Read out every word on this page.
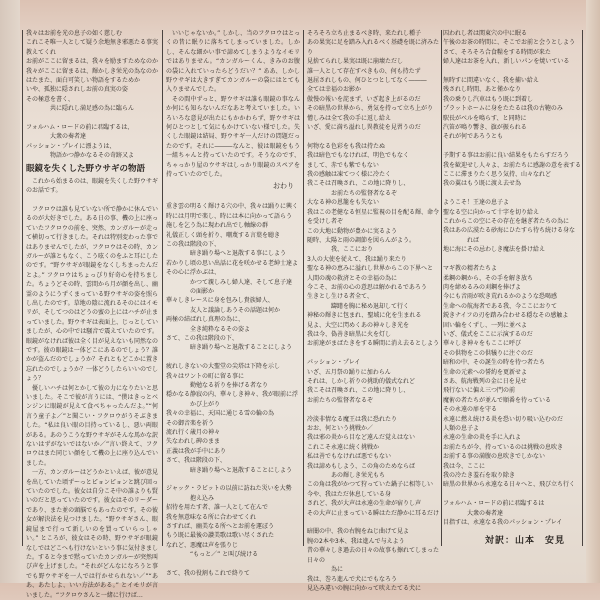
我々はお前を光の息子の如く慈しむ
これこそ唯一人として疑う余地無き邪悪たる事実
教えてくれ
お前がここに留まるは、我々を励ますためなのか
我々がここに留まるは、輝かしき栄光の為なのか
はたまた、面白可笑しい物語をするためか
いや、孤独に隠されしお前の真実の姿
その極意を書く、
　　　　共に隠れし満足感の為に臨らん
フォルハム・ロードの前に君臨するは、
　　　　大衆の奏者達
パッション・プレイに漂ようは、
　　　　物語かつ静かなるその奇跡又よ
眼鏡を失くした野ウサギの物語
これから始まるのは、眼鏡を失くした野ウサギのお話です。
フクロウは誰も見ていない所で静かに休んでいるのが大好きでした。ある日の事、機の上に座っていたフクロウの前を、突然、カンガルーが走って横切って行きました。それは特別変わった事ではありませんでしたが、フクロウはその時、カンガルーが誰ともなく、こう呟くのをふと耳にしたのです。“野ウサギが眼鏡をなくしちまったんだとよ。” フクロウはちょっぴり好奇心を持ちました。ちょうどその時、雲間から月が顔を出し、幽霊のようにうずくまっている野ウサギの姿を照らし出したのです。草地の陰に流れるそのにはイモリが、そしてつのはどうの蜜の上にはハチが止まっていました。野ウサギは表面上、じっとしていましたが、心の中では騒音で震えていたのです。眼鏡がなければ彼は全く目が見えないも同然なのです。彼の眼鏡は一体どこにあるのでしょう？誰かが盗んだのでしょうか？それともどこかに置き忘れたのでしょうか？一体どうしたらいいのでしょう？
優しいハチは何とかして彼の力になりたいと思いました。そこで彼が言うには、“僕はきっとベンジンに眼鏡が見えて食べちゃったんだよ。”“何言う童子よ／”と聞こい・フクロウがうそぶきました。“私は良い眼の目持っているし、悪い両眼がある。あのうこうな野ウサギがそんな馬かな訳ないはずがないではないか／”言い終えて、フクロウはまた同じい顔をして機の上に座り込んでいました。
一方、カンガルーはどうかといえば、彼が意見を出していた頃ずーっとピョンピョンと跳び回っていたのでした。彼女は自分こそ中の誰よりも賢いのだと思っていたのです。彼女はそのリーダーであり、また並の頭脳でもあったのです。その彼女が解決法を見つけました。“野ウサギさん、眼鏡屋まで行って新しいのを買っていらっしゃい。” ところが、彼女はその時、野ウサギが眼鏡なしではどこへも行けないという事に気付きました。すると今まで黙っていたカンガルーが突然叫び声を上げました。“それがどんなになろうと事でも野ウサギを一人では行かせられない／”“ああ、あたしよ、いい方法がある。” とイモリが言いました。“フクロウさんと一緒に行けば…
いいじゃないか。” しかし、当のフクロウはとっくの昔に眠りに落ちてしまっていました。しかし、そんな細かい事で諦めてしまうようなイモリではありません。“カンガルーくん、きみのお腹の袋に入れていったらどうだい？” ああ、しかし野ウサギは大きすぎてカンガルーの袋にはとても入りませんでした。
その間中ずっと、野ウサギは誰も眼鏡の事なんか何にも知らないんだなあと考えていました。いろいろな意見が出たにもかかわらず、野ウサギは何ひとつとして気にもかけていない様でした。失くした眼鏡は結局、野ウサギ一人だけの問題だったのです。それに―――なんと、彼は眼鏡をもう一組ちゃんと持っていたのです。そうなのです、ちゃっかり屋のウサギはしっかり眼鏡のスペアを持っていたのでした。
おわり
重き雲の明るく輝ける穴の中、我々は踊りに興く
時には月明で楽し、時には本に向かって語らう
施しを乞う為に現われ出でし軸線の群
礼儀正しく頭を折り、嘲蔑する言葉を聴き
この我は階段の下、
　　　　暗き踊り場へと退散する事にしよう
若かりし頃の思い出話に花を咲かせる老紳士達よ
その心に浮かぶは、
　　　　かつて親しみし婦人達、そして息子達
　　　　の面影か
華々しきレースに身を包みし貴族婦人、
　　　　友人と議論しあうその話題は何か
両極の結ばれし真理の為に、
　　　　全き純粋なるその姿よ
さて、この我は階段の下、
　　　　暗き踊り場へと退散することにしよう
疲れしきないの大聖堂の尖塔は下降を示し
我々はワントの町に留る事に
　　　　勤勉なる祈りを捧げる者なり
穏かなる静寂の内、華々しき神々、我が眼前に浮
　　　　かび上がり
我々の幸福に、天国に通じる雪の輪の為
その御音楽を祈う
流れ行く歳月の神々
失なわれし碑のまま
正義は我が手中にあり
さて、我は階段の下、
　　　　暗き踊り場へと退散することにしよう
ジャック・ラビットの以前に訪ねた災いを大勢
　　　　抱え込み
招待を用たす者、誰一人として在んで
我を無意味なる所に合わせてくれ
さすれば、幽美なる所へとお前を運ぼう
もう既に最後の讃美歌は歌い尽くされた
なれど、悪魔は声を張りじ
　　　　“もっと／” と叫び続ける
さて、我の役割もこれで終りて
そろそろ立ち止まるべき時、来たれし種子
あの果実に足を踏み入れるべく基礎を既に済みたり
見捨てられし果実は既に崩壊ただし
誰一人として存在すべきもの、何も持たず
退屈されしもの、何ひとつとしてなく―――
全ては幸福のお影か
傲慢の報いを詫まず、いざ起き上がるのだ
その暗黒の世界から、勇気を持って立ち上がり
憎しみは全て我の手に返し給え
いざ、愛に満ち溢れし異教徒を見習うのだ
何物なる色彩をも我は持たぬ
我は暗色でもなければ、明色でもなく
まして、赤でも紫でもない
我の感触は凍てつく様に冷たく
我こそは召喚され、この地に降りし、
　　　　お前たちの監督者なるぞ
大なる神の恩籠をも失ない
我はこの老健なる恒星に監視の目を配る輝、命令
を受けし者ぞ
この大地に動物が豊かに実るよう
随時、太陽と雨の調節を図らんがよう。
　　　　我、ここにおり
3人の大使を従えて、我は踊り来たり
聖なる神の恵みに溢れし世界からこの下界へと
人間の魂の救済とその幸福の為に
今こそ、お前の心の意思は解かれるであろう
生きとし生ける者全て、
　　　　躊躇を胸に秘め退却して行く
神秘の輝きに包まれ、聖域に化を生まれる
見よ、大空に閃めくあの神々しき光を
我は今、偽善き暗黒に火を灯し
お前達がまばたきをする瞬間に消え去るとしよう
パッション・プレイ
いざ、五月祭の踊りに加わらん
それは、しかし祈りの挑助的儀式なれど
我こそは召喚され、この地に降りし、
お前たちの監督者なるぞ
冷淡非情なる魔王は我に恐れたり
おお、何という挑戦か／
我は邪の炎から目など遠んだ覚えはない
これこそ永遠に続く挑戦か
私は善でもなければ悪でもない
我は諦めもしよう、この角のためならば
　　　　あの輝しき栄光もち
この角は我がかつて狩っていた鍋子に相等しい
今や、我はただ休息している身
されど、我が大声は永遠の生命が宿りし声
その大声に止まっている瞬はただ静かに耳るだけ
暗闇の中、我の右腕をねじ曲げて見よ
腕の2本や3本、我は進んで与えよう
昔の華々しき過去の日々の故事も擦れてしまった日々の
　　　　為に
我は、巻ろ進んで犬にでもなろう
見込み違いの腕に向かって吠えたてる犬に
囚われし者は関東穴の中に眠る
午後のお茶の時間に、そこでお前と会うとしよう
さて、そろそろ合食糧をする時間が来た
婦人達はお茶を入れ、新しいパンを焼いている
無時すに間違いなく、我を捕い給え
残されし時間、あと僅かなり
我の乗りし汽車はもう既に到着し
プラットホームに身をたたるは我の古鞄のみ
駅長がベルを鳴らす、と同時に
汽笛が鳴り響き、旗が振られる
それが何であろうとも
予期する事はお前に良い結果をもたらすだろう
我を歓迎せし人々よ、お前たちに感謝の意を表する
ここに滞まりたく思う気持、山々なれど
我の翼はもう既に渡え去せ為
ようこそ！王達の息子よ
聖なる空に向かって十字を切り給え
これからこの空にその存在を継ぎ者たちの為に
我はあの広漠たる砂海にひたすら待ち続ける身な
　　　　れば
地に海にその忌わしき魔法を掛け給え
マギ教の精者たちよ
柔鋼の鋼から、その手を解き放ち
肉を締めるみの刈鋼を捧げよ
今にも音雨が吹き荒れるかのような恐喝感
生命への航海者である我、今ここにおりて
鋭きナイフの刃を踏み合わせる穏なその感触よ
固い輪をくずし、一列に並べよ
いざ、儀式をここに示演するのだ
華々しき神々をもここに呼び
その供物をこの供犠りに注ぐのだ
暗和の中、その誕生の時を待つ者たち
生命の元素への誓約を更新せよ
さあ、航海戦列の金に日を見せ
飛行ないに偏え三つ門の前
魔術の者たちが並んで順番を待っている
その永遠の扉を守る
永遠に燃え続ける炎を恐い切り吸い込むのだ
人類の息子よ
永遠の生命の炎を手に入れよ
お前たちが今、持っているのは挑戦の息吹き
お前する事の満腹の息吹きでしかない
我は今、ここに
我の冷たき羞石を取り除き
暗黒の世界から永遠なる日々へと、飛び立ち行く
フォルハム・ロードの前に君臨するは
　　　　大衆の奏者達
目指すは、永遠なる我のパッション・プレイ
対訳：山本　安見
